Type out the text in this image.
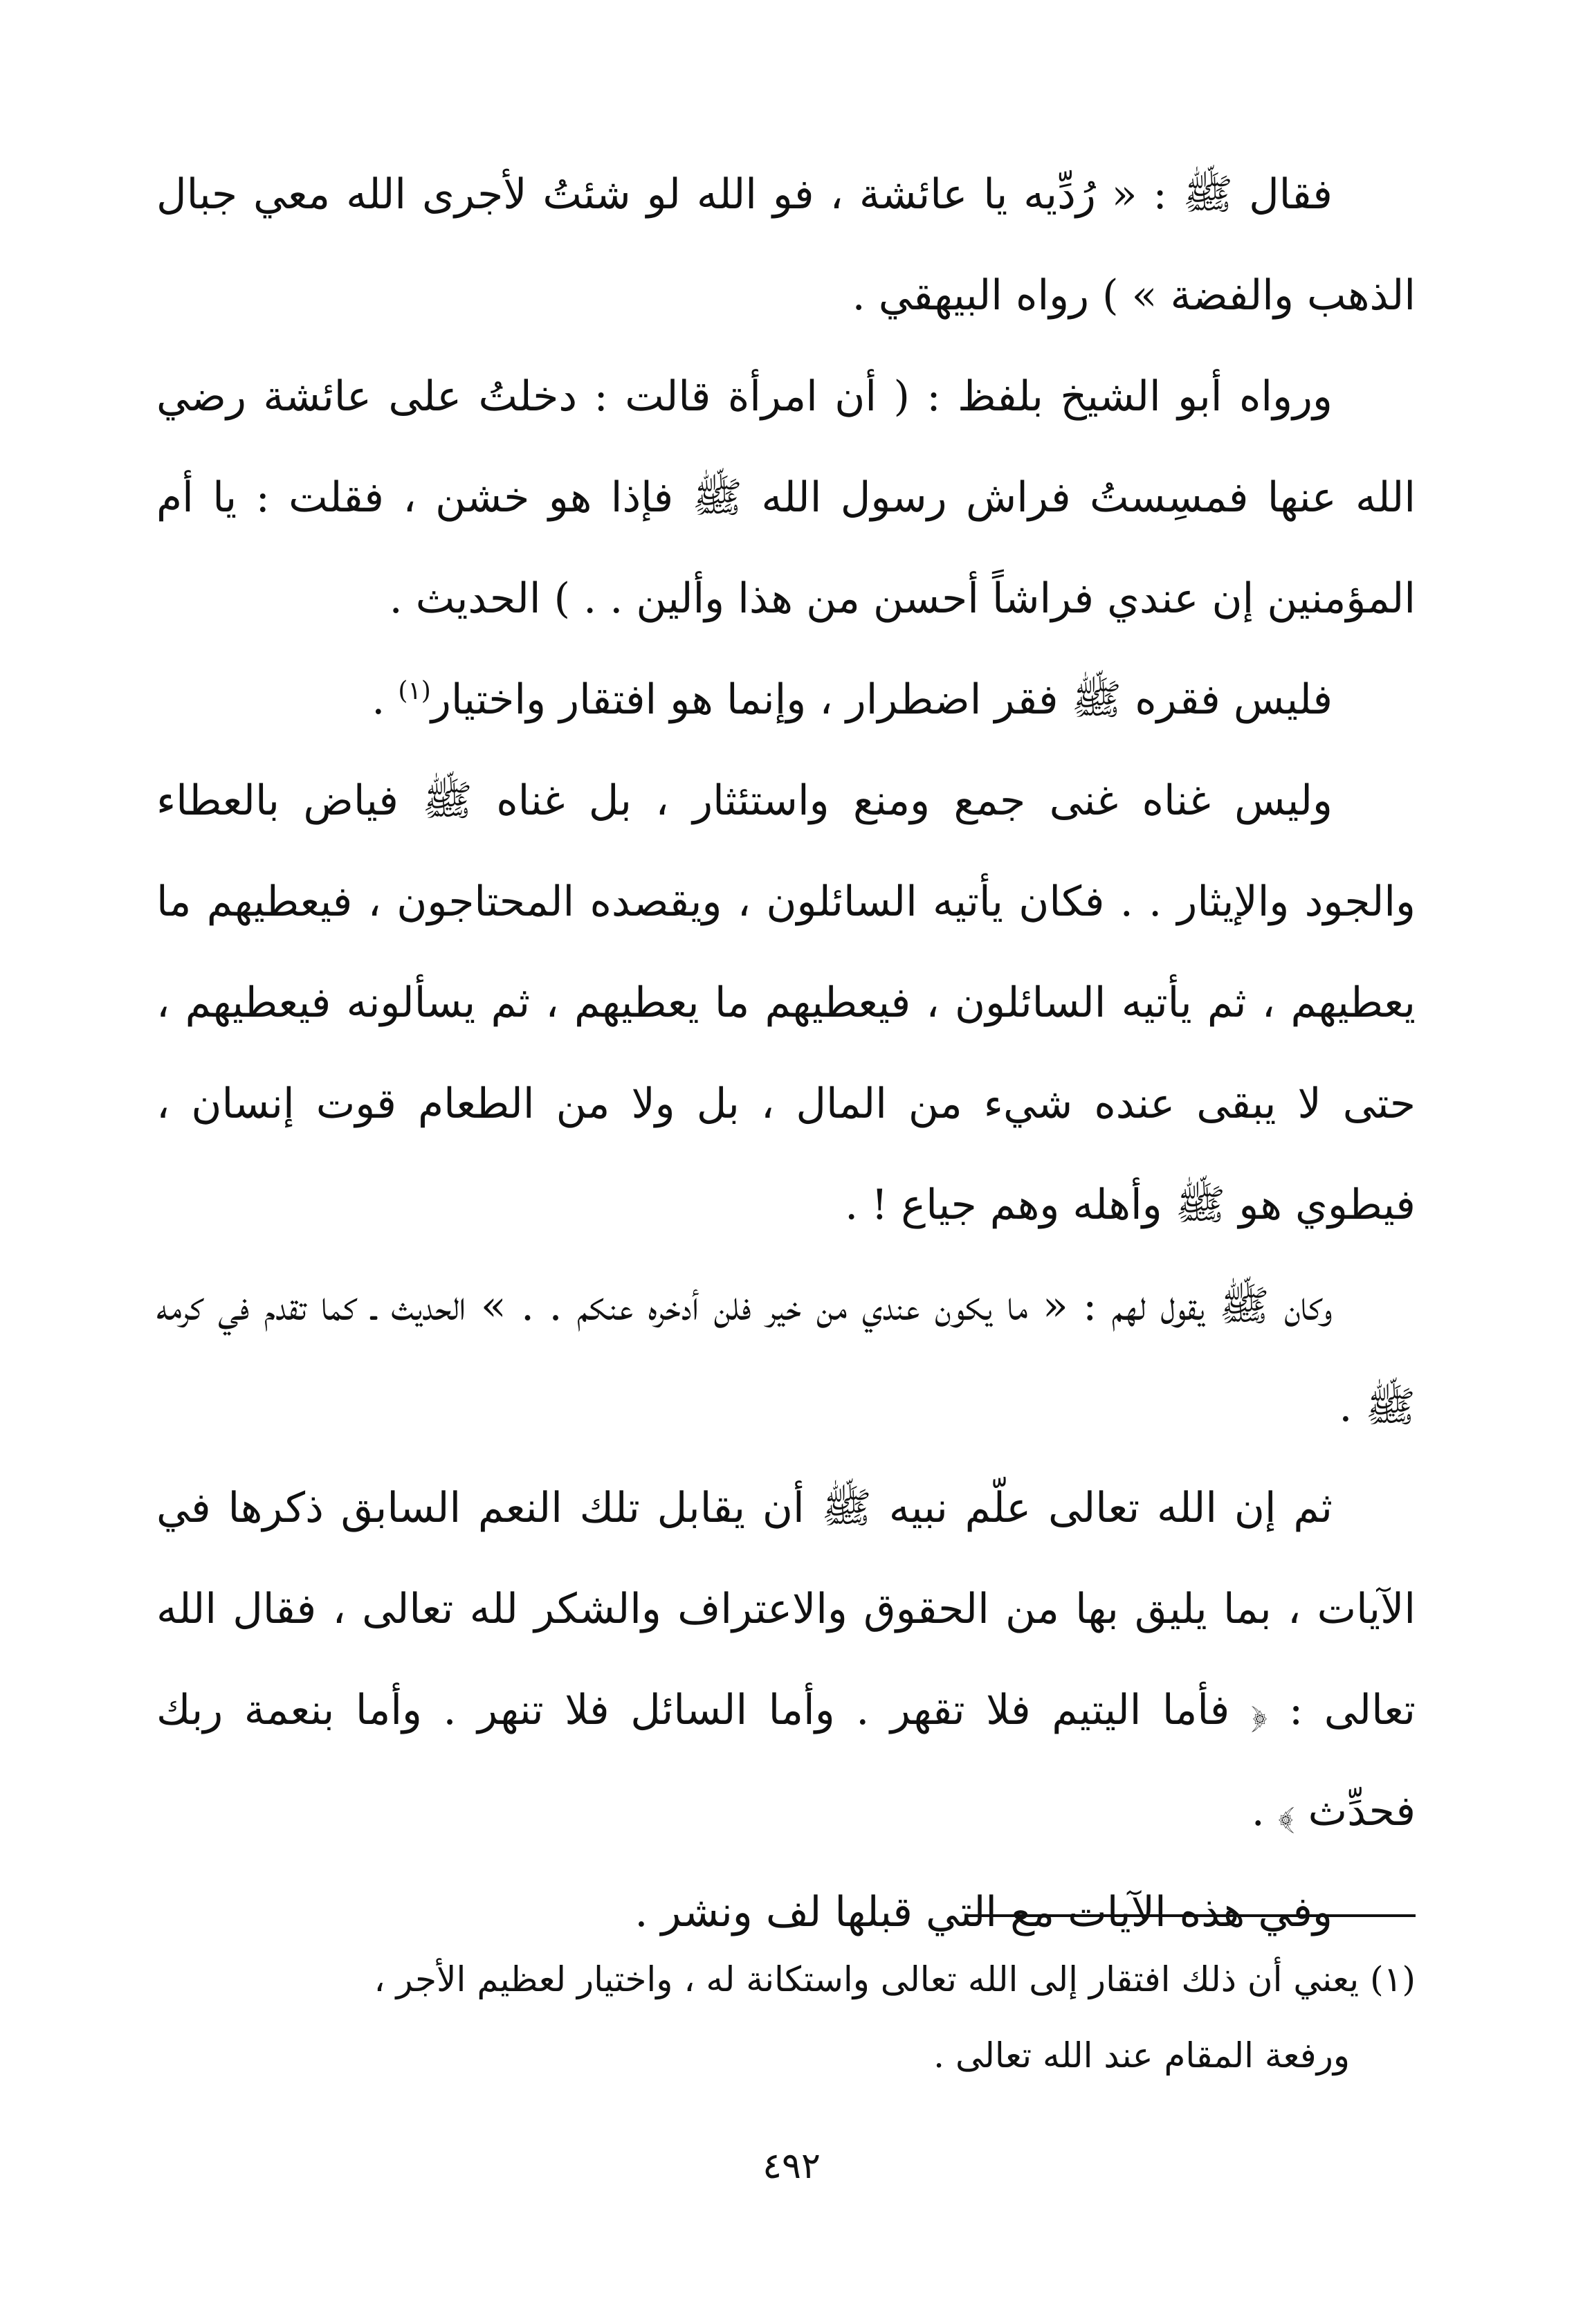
فقال ﷺ : « رُدِّيه يا عائشة ، فو الله لو شئتُ لأجرى الله معي جبال الذهب والفضة » ) رواه البيهقي .

ورواه أبو الشيخ بلفظ : ( أن امرأة قالت : دخلتُ على عائشة رضي الله عنها فمسِستُ فراش رسول الله ﷺ فإذا هو خشن ، فقلت : يا أم المؤمنين إن عندي فراشاً أحسن من هذا وألين . . ) الحديث .

فليس فقره ﷺ فقر اضطرار ، وإنما هو افتقار واختيار$^{(١)}$ .

وليس غناه غنى جمع ومنع واستئثار ، بل غناه ﷺ فياض بالعطاء والجود والإيثار . . فكان يأتيه السائلون ، ويقصده المحتاجون ، فيعطيهم ما يعطيهم ، ثم يأتيه السائلون ، فيعطيهم ما يعطيهم ، ثم يسألونه فيعطيهم ، حتى لا يبقى عنده شيء من المال ، بل ولا من الطعام قوت إنسان ، فيطوي هو ﷺ وأهله وهم جياع ! .

وكان ﷺ يقول لهم : « ما يكون عندي من خير فلن أدخره عنكم . . » الحديث ـ كما تقدم في كرمه ﷺ .

ثم إن الله تعالى علّم نبيه ﷺ أن يقابل تلك النعم السابق ذكرها في الآيات ، بما يليق بها من الحقوق والاعتراف والشكر لله تعالى ، فقال الله تعالى : ﴿ فأما اليتيم فلا تقهر . وأما السائل فلا تنهر . وأما بنعمة ربك فحدِّث ﴾ .

وفي هذه الآيات مع التي قبلها لف ونشر .

(١) يعني أن ذلك افتقار إلى الله تعالى واستكانة له ، واختيار لعظيم الأجر ،
ورفعة المقام عند الله تعالى .

٤٩٢
